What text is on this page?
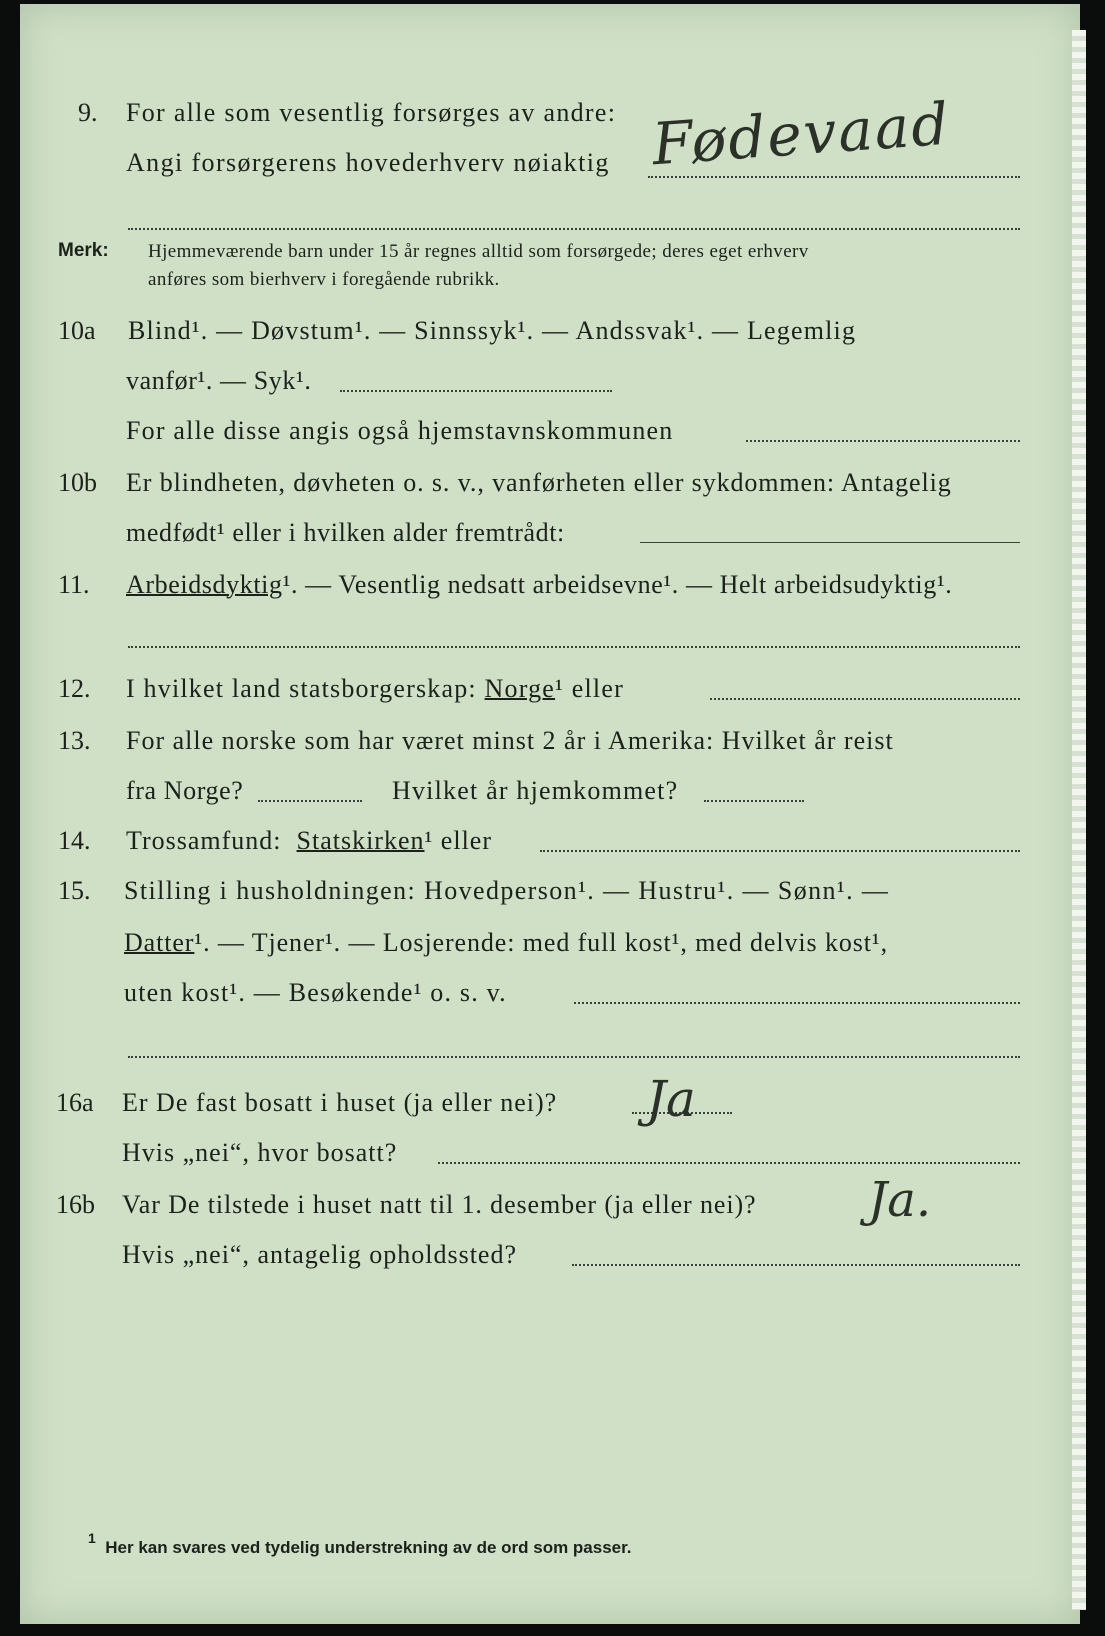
9. For alle som vesentlig forsørges av andre:
Angi forsørgerens hovederhverv nøiaktig Fødevaad
Merk: Hjemmeværende barn under 15 år regnes alltid som forsørgede; deres eget erhverv
anføres som bierhverv i foregående rubrikk.
10a Blind¹. — Døvstum¹. — Sinnssyk¹. — Andssvak¹. — Legemlig
vanfør¹. — Syk¹.
For alle disse angis også hjemstavnskommunen
10b Er blindheten, døvheten o. s. v., vanførheten eller sykdommen: Antagelig
medfødt¹ eller i hvilken alder fremtrådt:
11. Arbeidsdyktig¹. — Vesentlig nedsatt arbeidsevne¹. — Helt arbeidsudyktig¹.
12. I hvilket land statsborgerskap: Norge¹ eller
13. For alle norske som har været minst 2 år i Amerika: Hvilket år reist
fra Norge?	Hvilket år hjemkommet?
14. Trossamfund: Statskirken¹ eller
15. Stilling i husholdningen: Hovedperson¹. — Hustru¹. — Sønn¹. —
Datter¹. — Tjener¹. — Losjerende: med full kost¹, med delvis kost¹,
uten kost¹. — Besøkende¹ o. s. v.
16a Er De fast bosatt i huset (ja eller nei)? Ja
Hvis „nei“, hvor bosatt?
16b Var De tilstede i huset natt til 1. desember (ja eller nei)? Ja.
Hvis „nei“, antagelig opholdssted?
$^1$ Her kan svares ved tydelig understrekning av de ord som passer.
